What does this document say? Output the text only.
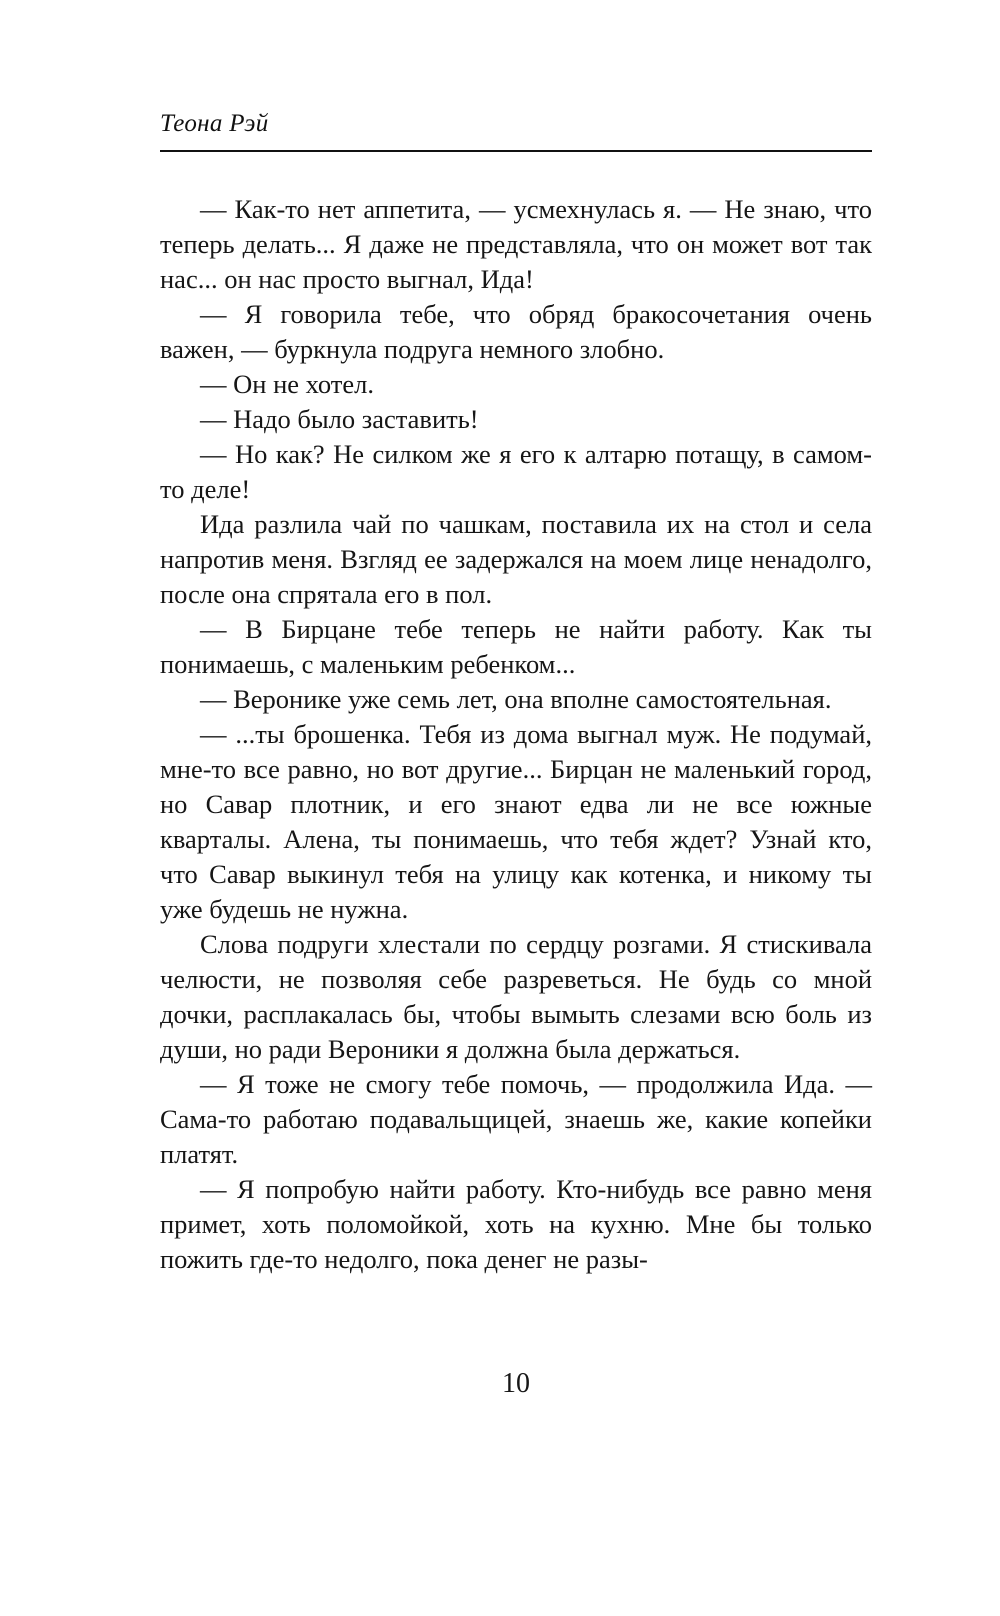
Теона Рэй

— Как-то нет аппетита, — усмехнулась я. — Не знаю, что теперь делать... Я даже не представляла, что он может вот так нас... он нас просто выгнал, Ида!

— Я говорила тебе, что обряд бракосочетания очень важен, — буркнула подруга немного злобно.

— Он не хотел.

— Надо было заставить!

— Но как? Не силком же я его к алтарю потащу, в самом-то деле!

Ида разлила чай по чашкам, поставила их на стол и села напротив меня. Взгляд ее задержался на моем лице ненадолго, после она спрятала его в пол.

— В Бирцане тебе теперь не найти работу. Как ты понимаешь, с маленьким ребенком...

— Веронике уже семь лет, она вполне самостоятельная.

— ...ты брошенка. Тебя из дома выгнал муж. Не подумай, мне-то все равно, но вот другие... Бирцан не маленький город, но Савар плотник, и его знают едва ли не все южные кварталы. Алена, ты понимаешь, что тебя ждет? Узнай кто, что Савар выкинул тебя на улицу как котенка, и никому ты уже будешь не нужна.

Слова подруги хлестали по сердцу розгами. Я стискивала челюсти, не позволяя себе разреветься. Не будь со мной дочки, расплакалась бы, чтобы вымыть слезами всю боль из души, но ради Вероники я должна была держаться.

— Я тоже не смогу тебе помочь, — продолжила Ида. — Сама-то работаю подавальщицей, знаешь же, какие копейки платят.

— Я попробую найти работу. Кто-нибудь все равно меня примет, хоть поломойкой, хоть на кухню. Мне бы только пожить где-то недолго, пока денег не разы-

10
